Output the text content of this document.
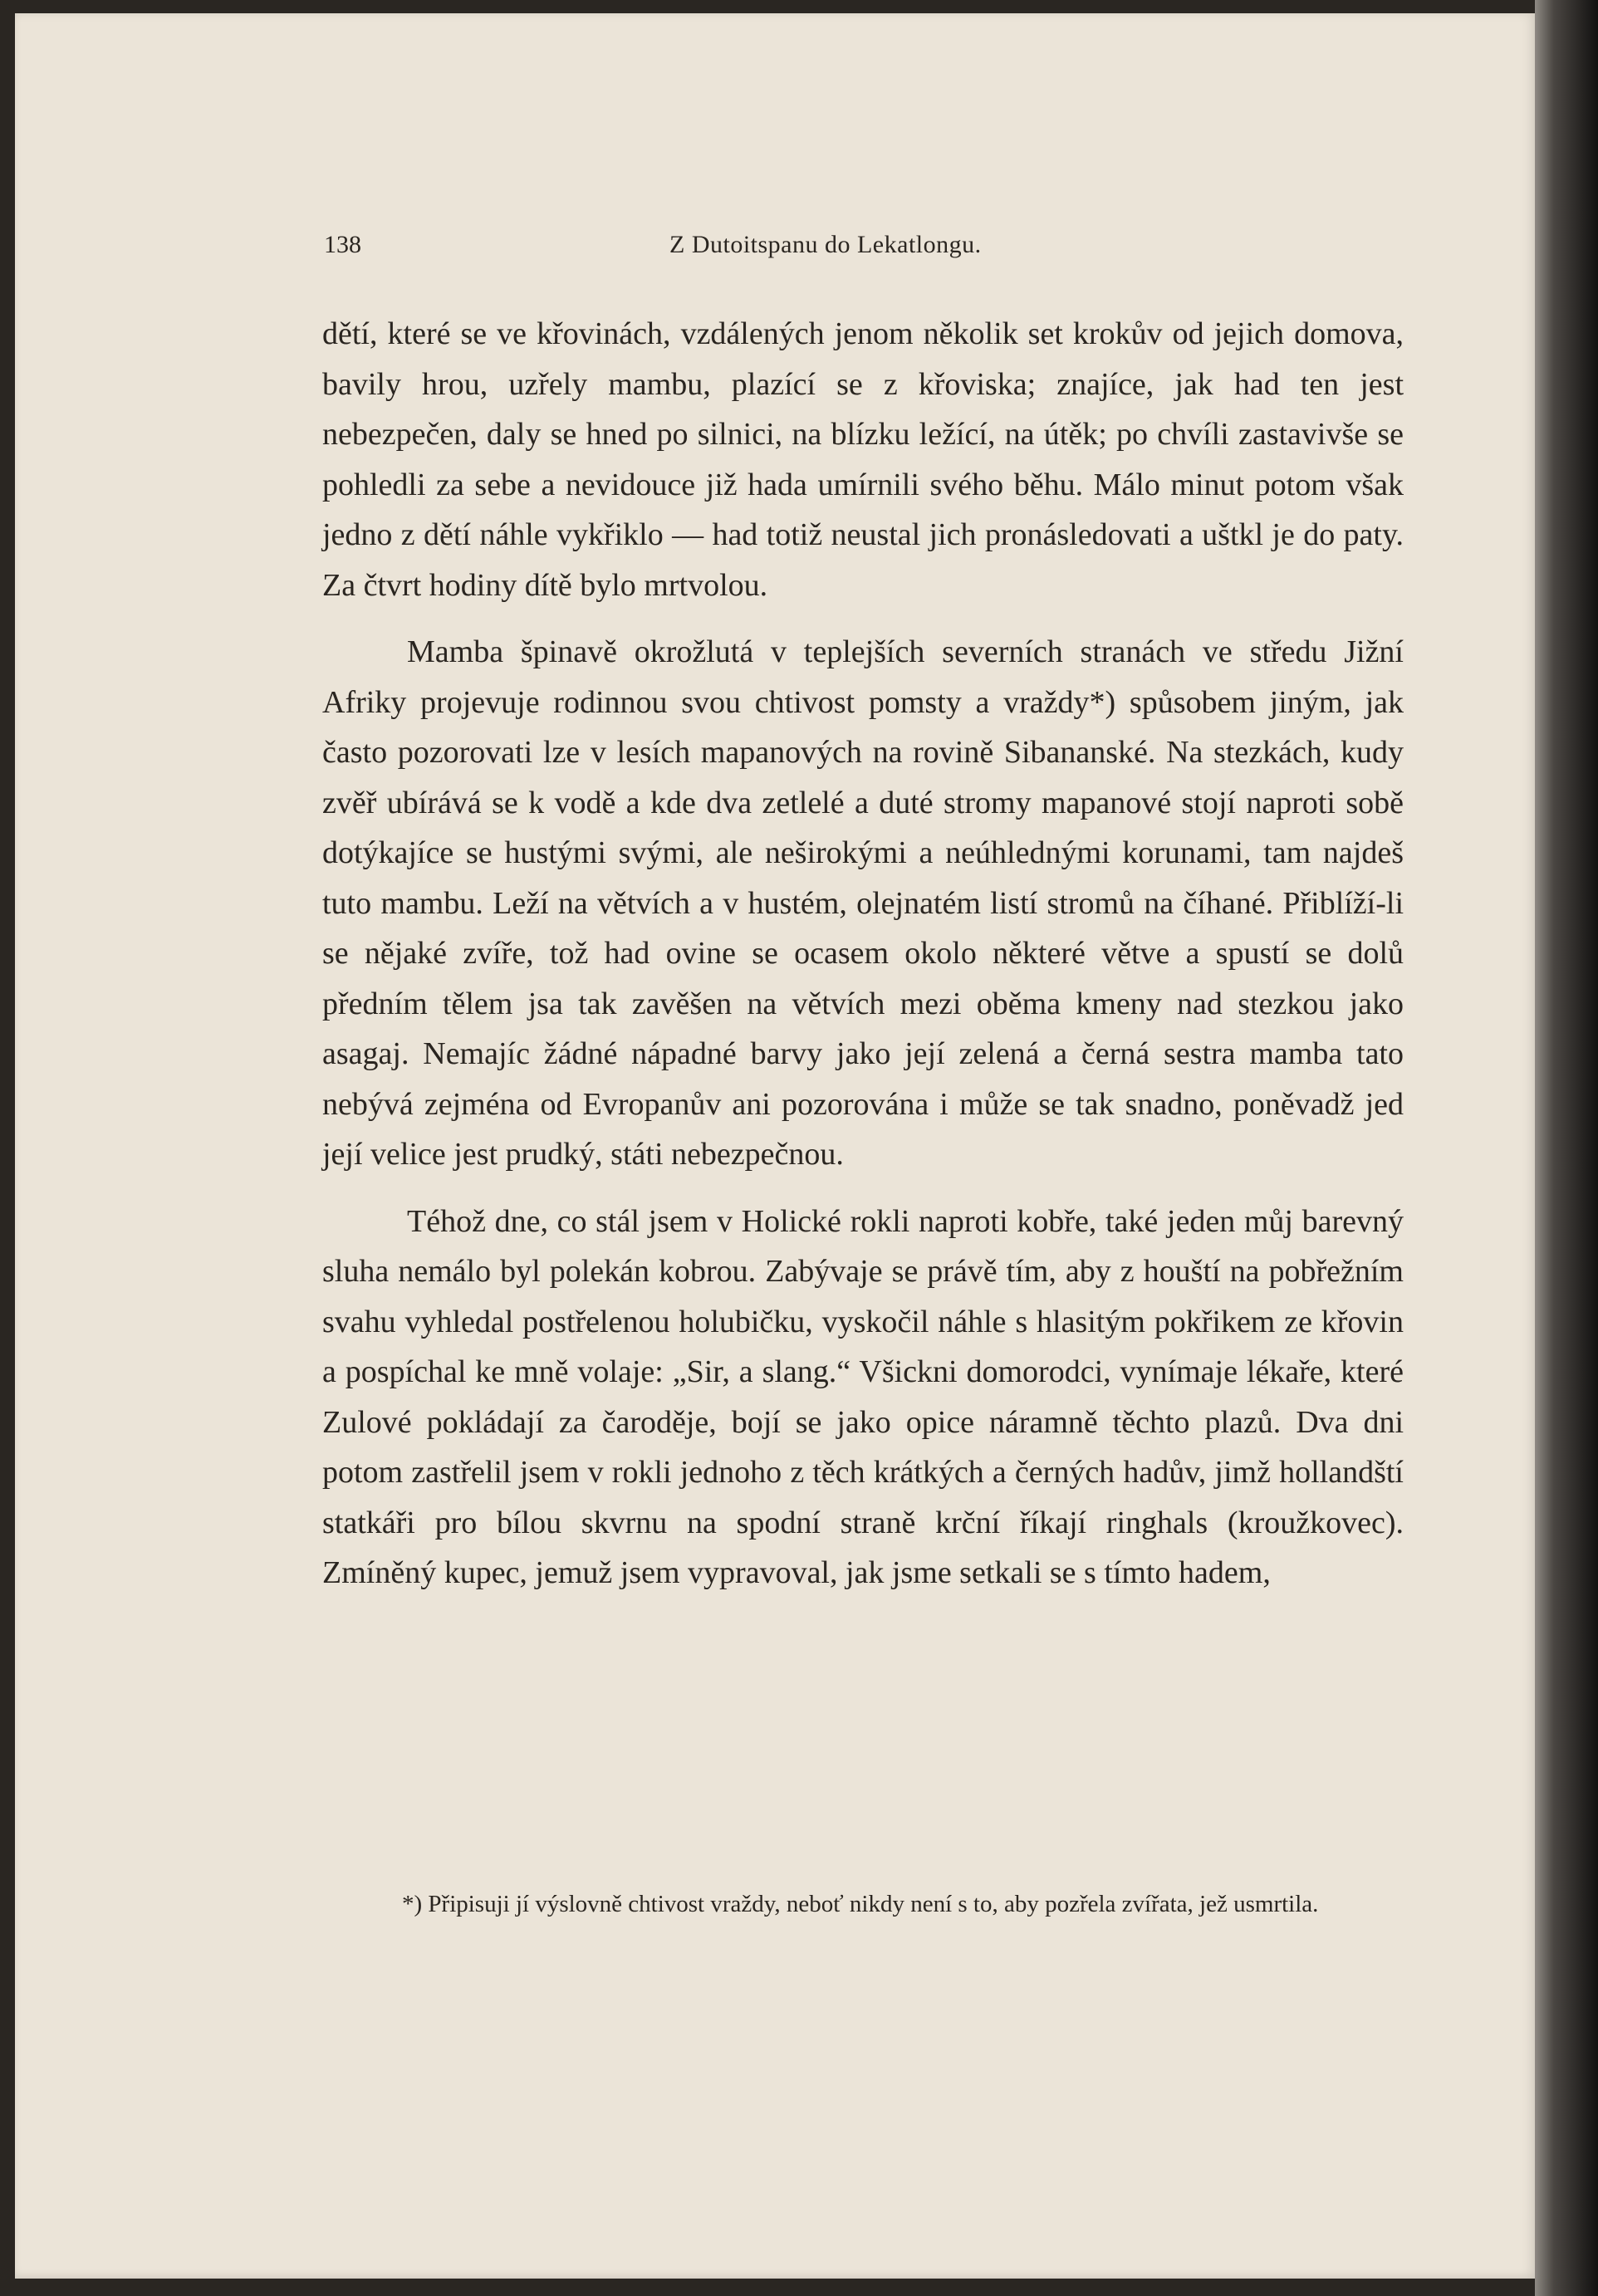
138	Z Dutoitspanu do Lekatlongu.

dětí, které se ve křovinách, vzdálených jenom několik set krokův od jejich domova, bavily hrou, uzřely mambu, plazící se z křoviska; znajíce, jak had ten jest nebezpečen, daly se hned po silnici, na blízku ležící, na útěk; po chvíli zastavivše se pohledli za sebe a nevidouce již hada umírnili svého běhu. Málo minut potom však jedno z dětí náhle vykřiklo — had totiž neustal jich pronásledovati a uštkl je do paty. Za čtvrt hodiny dítě bylo mrtvolou.

Mamba špinavě okrožlutá v teplejších severních stranách ve středu Jižní Afriky projevuje rodinnou svou chtivost pomsty a vraždy*) spůsobem jiným, jak často pozorovati lze v lesích mapanových na rovině Sibananské. Na stezkách, kudy zvěř ubírává se k vodě a kde dva zetlelé a duté stromy mapanové stojí naproti sobě dotýkajíce se hustými svými, ale neširokými a neúhlednými korunami, tam najdeš tuto mambu. Leží na větvích a v hustém, olejnatém listí stromů na číhané. Přiblíží-li se nějaké zvíře, tož had ovine se ocasem okolo některé větve a spustí se dolů předním tělem jsa tak zavěšen na větvích mezi oběma kmeny nad stezkou jako asagaj. Nemajíc žádné nápadné barvy jako její zelená a černá sestra mamba tato nebývá zejména od Evropanův ani pozorována i může se tak snadno, poněvadž jed její velice jest prudký, státi nebezpečnou.

Téhož dne, co stál jsem v Holické rokli naproti kobře, také jeden můj barevný sluha nemálo byl polekán kobrou. Zabývaje se právě tím, aby z houští na pobřežním svahu vyhledal postřelenou holubičku, vyskočil náhle s hlasitým pokřikem ze křovin a pospíchal ke mně volaje: „Sir, a slang.“ Všickni domorodci, vynímaje lékaře, které Zulové pokládají za čaroděje, bojí se jako opice náramně těchto plazů. Dva dni potom zastřelil jsem v rokli jednoho z těch krátkých a černých hadův, jimž hollandští statkáři pro bílou skvrnu na spodní straně krční říkají ringhals (kroužkovec). Zmíněný kupec, jemuž jsem vypravoval, jak jsme setkali se s tímto hadem,

*) Připisuji jí výslovně chtivost vraždy, neboť nikdy není s to, aby pozřela zvířata, jež usmrtila.
